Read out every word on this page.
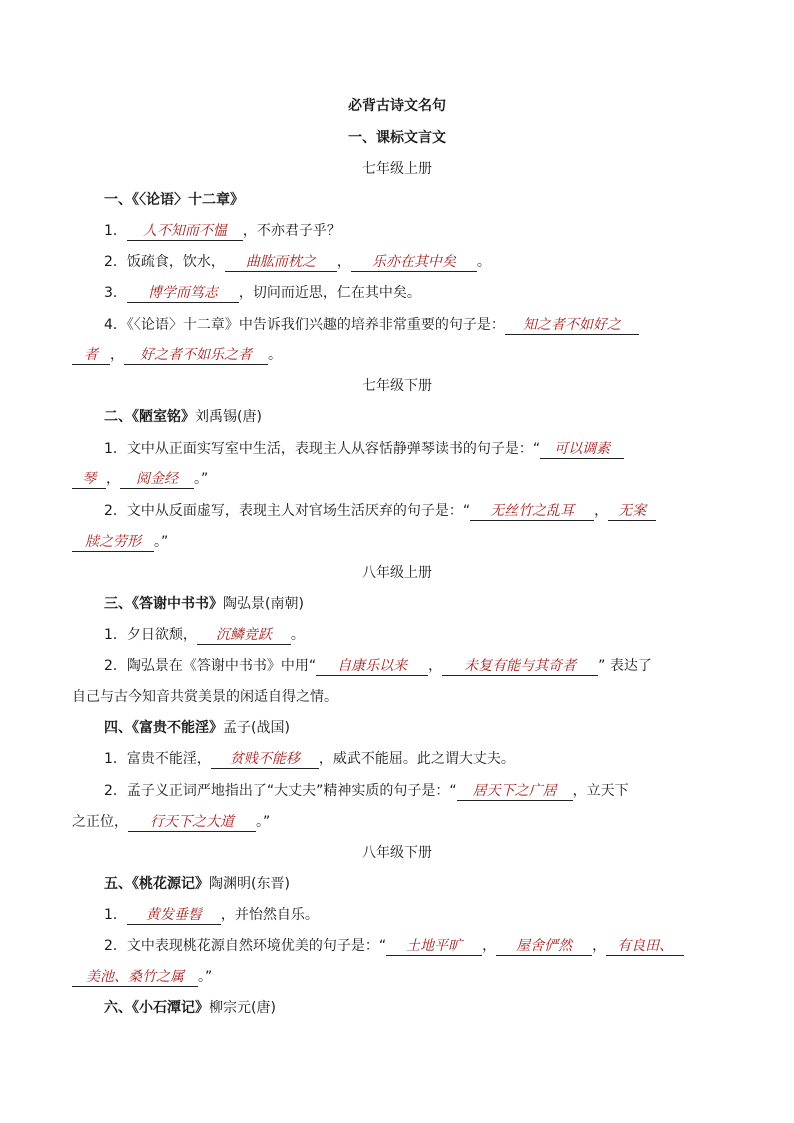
必背古诗文名句
一、课标文言文
七年级上册
一、《〈论语〉十二章》
1． 人不知而不愠 ，不亦君子乎？
2．饭疏食，饮水， 曲肱而枕之 ， 乐亦在其中矣 。
3． 博学而笃志 ，切问而近思，仁在其中矣。
4．《〈论语〉十二章》中告诉我们兴趣的培养非常重要的句子是： 知之者不如好之
者 ， 好之者不如乐之者 。
七年级下册
二、《陋室铭》刘禹锡(唐)
1．文中从正面实写室中生活，表现主人从容恬静弹琴读书的句子是：“ 可以调素
琴 ， 阅金经 。”
2．文中从反面虚写，表现主人对官场生活厌弃的句子是：“ 无丝竹之乱耳 ， 无案
牍之劳形 。”
八年级上册
三、《答谢中书书》陶弘景(南朝)
1．夕日欲颓， 沉鳞竞跃 。
2．陶弘景在《答谢中书书》中用“ 自康乐以来 ， 未复有能与其奇者 ” 表达了
自己与古今知音共赏美景的闲适自得之情。
四、《富贵不能淫》孟子(战国)
1．富贵不能淫， 贫贱不能移 ，威武不能屈。此之谓大丈夫。
2．孟子义正词严地指出了“大丈夫”精神实质的句子是：“ 居天下之广居 ，立天下
之正位， 行天下之大道 。”
八年级下册
五、《桃花源记》陶渊明(东晋)
1． 黄发垂髫 ，并怡然自乐。
2．文中表现桃花源自然环境优美的句子是：“ 土地平旷 ， 屋舍俨然 ， 有良田、
美池、桑竹之属 。”
六、《小石潭记》柳宗元(唐)
